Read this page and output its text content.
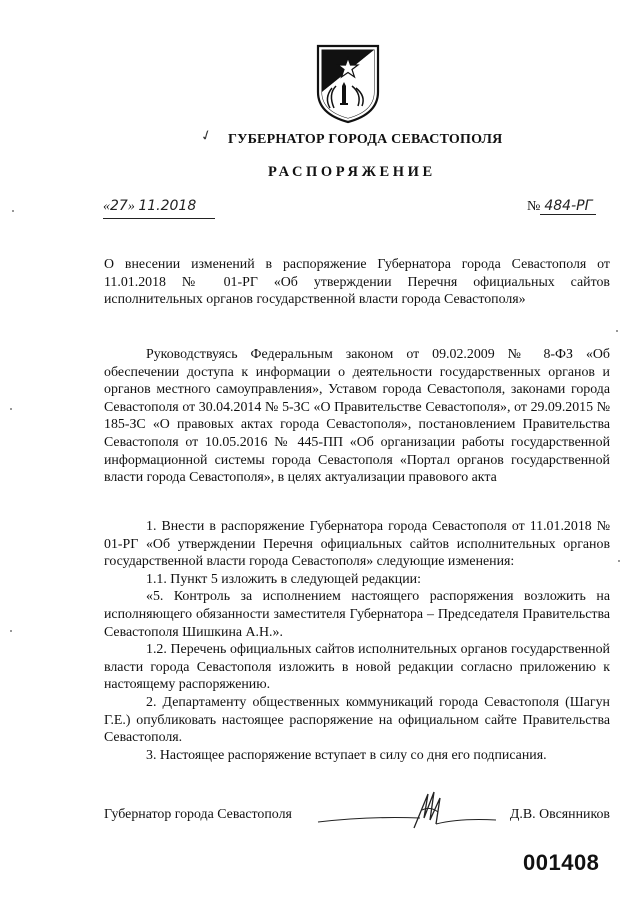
✓ ГУБЕРНАТОР ГОРОДА СЕВАСТОПОЛЯ
РАСПОРЯЖЕНИЕ
«27» 11.2018	№ 484-РГ

О внесении изменений в распоряжение Губернатора города Севастополя от 11.01.2018 № 01-РГ «Об утверждении Перечня официальных сайтов исполнительных органов государственной власти города Севастополя»

Руководствуясь Федеральным законом от 09.02.2009 № 8-ФЗ «Об обеспечении доступа к информации о деятельности государственных органов и органов местного самоуправления», Уставом города Севастополя, законами города Севастополя от 30.04.2014 № 5-ЗС «О Правительстве Севастополя», от 29.09.2015 № 185-ЗС «О правовых актах города Севастополя», постановлением Правительства Севастополя от 10.05.2016 № 445-ПП «Об организации работы государственной информационной системы города Севастополя «Портал органов государственной власти города Севастополя», в целях актуализации правового акта

1. Внести в распоряжение Губернатора города Севастополя от 11.01.2018 № 01-РГ «Об утверждении Перечня официальных сайтов исполнительных органов государственной власти города Севастополя» следующие изменения:

1.1. Пункт 5 изложить в следующей редакции:

«5. Контроль за исполнением настоящего распоряжения возложить на исполняющего обязанности заместителя Губернатора – Председателя Правительства Севастополя Шишкина А.Н.».

1.2. Перечень официальных сайтов исполнительных органов государственной власти города Севастополя изложить в новой редакции согласно приложению к настоящему распоряжению.

2. Департаменту общественных коммуникаций города Севастополя (Шагун Г.Е.) опубликовать настоящее распоряжение на официальном сайте Правительства Севастополя.

3. Настоящее распоряжение вступает в силу со дня его подписания.

Губернатор города Севастополя	Д.В. Овсянников
001408
